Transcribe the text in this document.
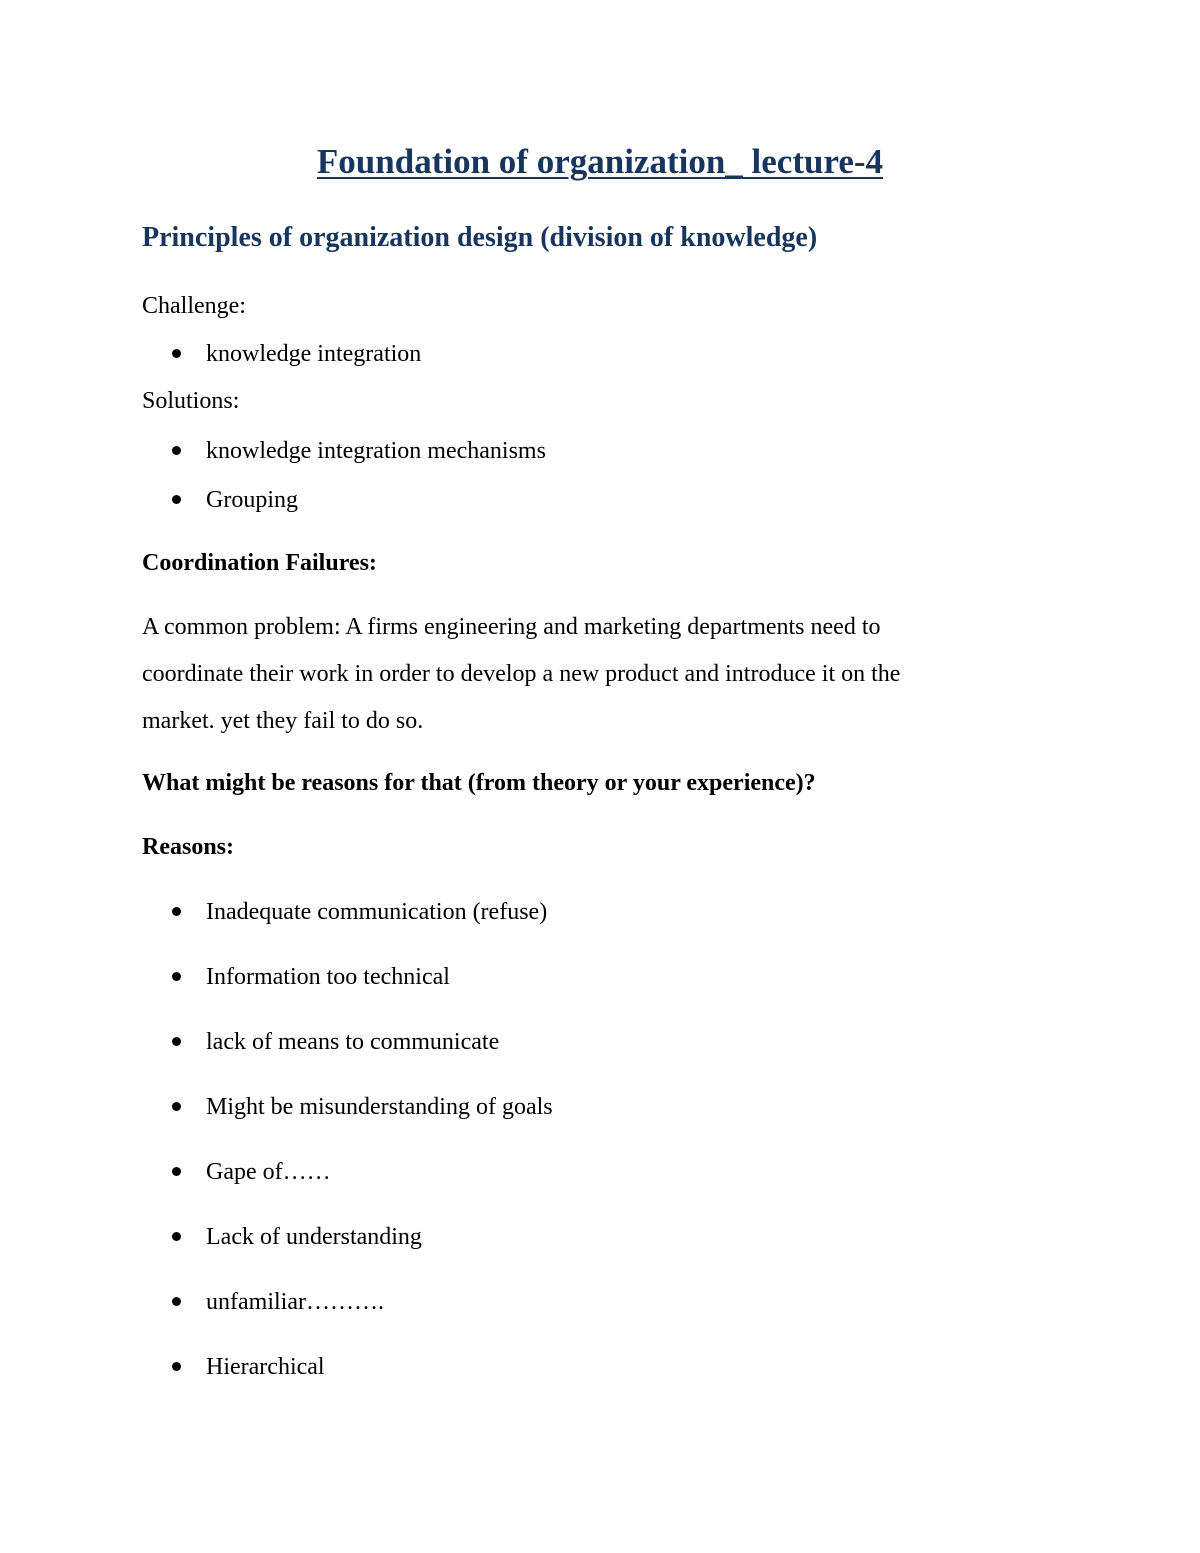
Foundation of organization_ lecture-4
Principles of organization design (division of knowledge)

Challenge:

knowledge integration

Solutions:

knowledge integration mechanisms

Grouping

Coordination Failures:

A common problem: A firms engineering and marketing departments need to

coordinate their work in order to develop a new product and introduce it on the

market. yet they fail to do so.

What might be reasons for that (from theory or your experience)?

Reasons:

Inadequate communication (refuse)

Information too technical

lack of means to communicate

Might be misunderstanding of goals

Gape of……

Lack of understanding

unfamiliar……….

Hierarchical
